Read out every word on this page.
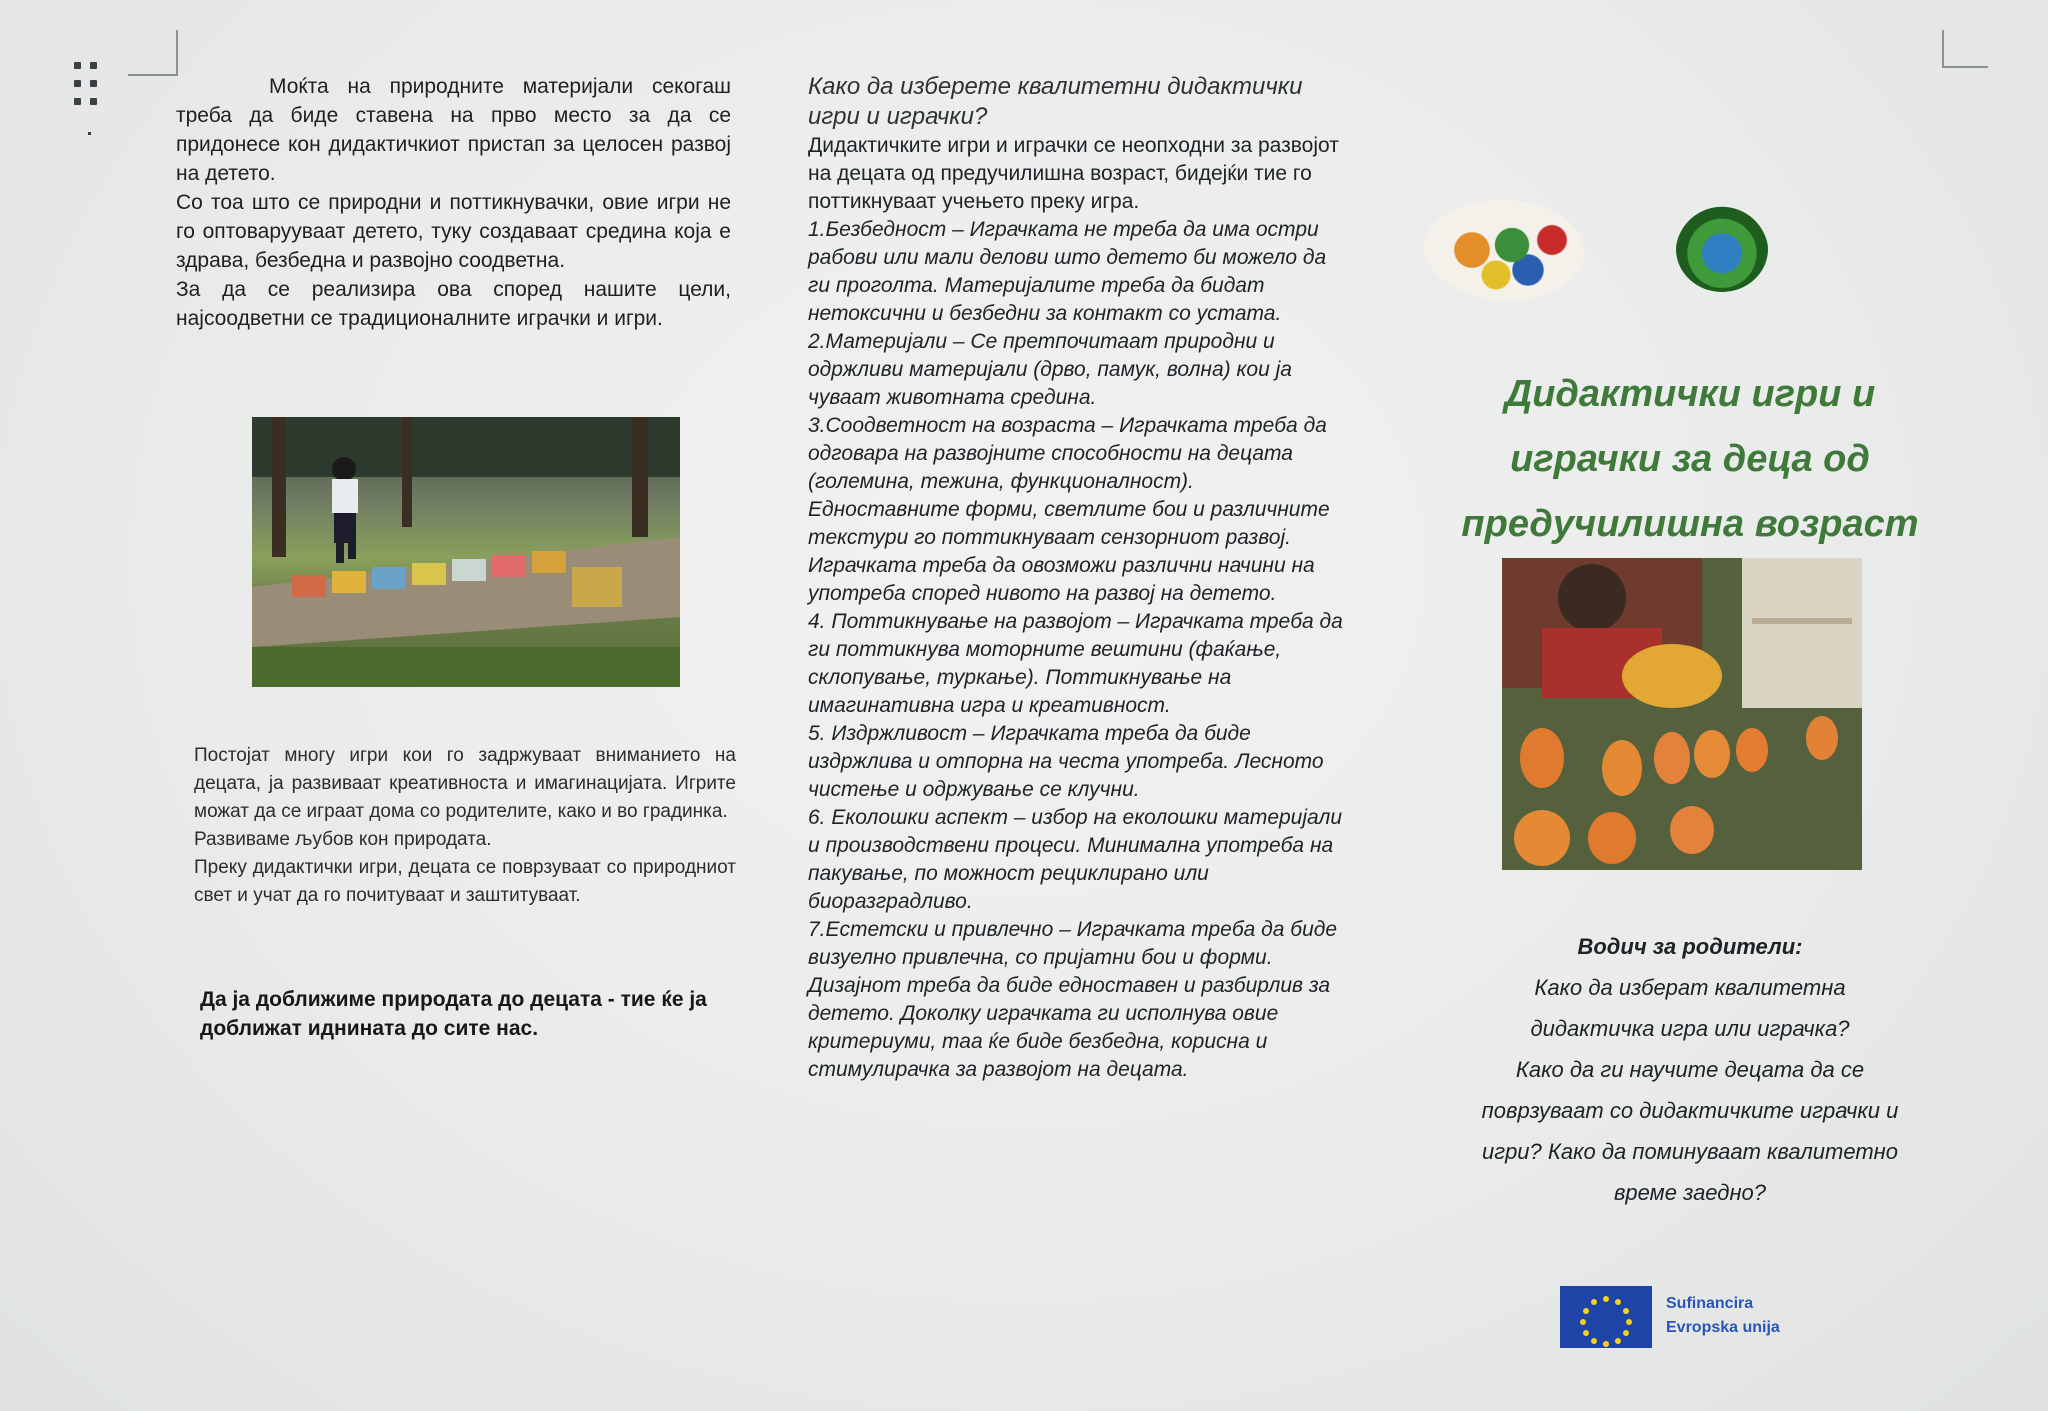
Моќта на природните материјали секогаш треба да биде ставена на прво место за да се придонесе кон дидактичкиот пристап за целосен развој на детето.

Со тоа што се природни и поттикнувачки, овие игри не го оптоварууваат детето, туку создаваат средина која е здрава, безбедна и развојно соодветна.

За да се реализира ова според нашите цели, најсоодветни се традиционалните играчки и игри.

Постојат многу игри кои го задржуваат вниманието на децата, ја развиваат креативноста и имагинацијата. Игрите можат да се играат дома со родителите, како и во градинка.

Развиваме љубов кон природата.

Преку дидактички игри, децата се поврзуваат со природниот свет и учат да го почитуваат и заштитуваат.

Да ја доближиме природата до децата - тие ќе ја доближат иднината до сите нас.

Како да изберете квалитетни дидактички игри и играчки?

Дидактичките игри и играчки се неопходни за развојот на децата од предучилишна возраст, бидејќи тие го поттикнуваат учењето преку игра.

1.Безбедност – Играчката не треба да има остри рабови или мали делови што детето би можело да ги проголта. Материјалите треба да бидат нетоксични и безбедни за контакт со устата.

2.Материјали – Се претпочитаат природни и одржливи материјали (дрво, памук, волна) кои ја чуваат животната средина.

3.Соодветност на возраста – Играчката треба да одговара на развојните способности на децата (големина, тежина, функционалност). Едноставните форми, светлите бои и различните текстури го поттикнуваат сензорниот развој. Играчката треба да овозможи различни начини на употреба според нивото на развој на детето.

4. Поттикнување на развојот – Играчката треба да ги поттикнува моторните вештини (фаќање, склопување, туркање). Поттикнување на имагинативна игра и креативност.

5. Издржливост – Играчката треба да биде издржлива и отпорна на честа употреба. Лесното чистење и одржување се клучни.

6. Еколошки аспект – избор на еколошки материјали и производствени процеси. Минимална употреба на пакување, по можност рециклирано или биоразградливо.

7.Естетски и привлечно – Играчката треба да биде визуелно привлечна, со пријатни бои и форми. Дизајнот треба да биде едноставен и разбирлив за детето. Доколку играчката ги исполнува овие критериуми, таа ќе биде безбедна, корисна и стимулирачка за развојот на децата.

Дидактички игри и
играчки за деца од
предучилишна возраст
Водич за родители:
Како да изберат квалитетна
дидактичка игра или играчка?
Како да ги научите децата да се
поврзуваат со дидактичките играчки и
игри? Како да поминуваат квалитетно
време заедно?
Sufinancira
Evropska unija
